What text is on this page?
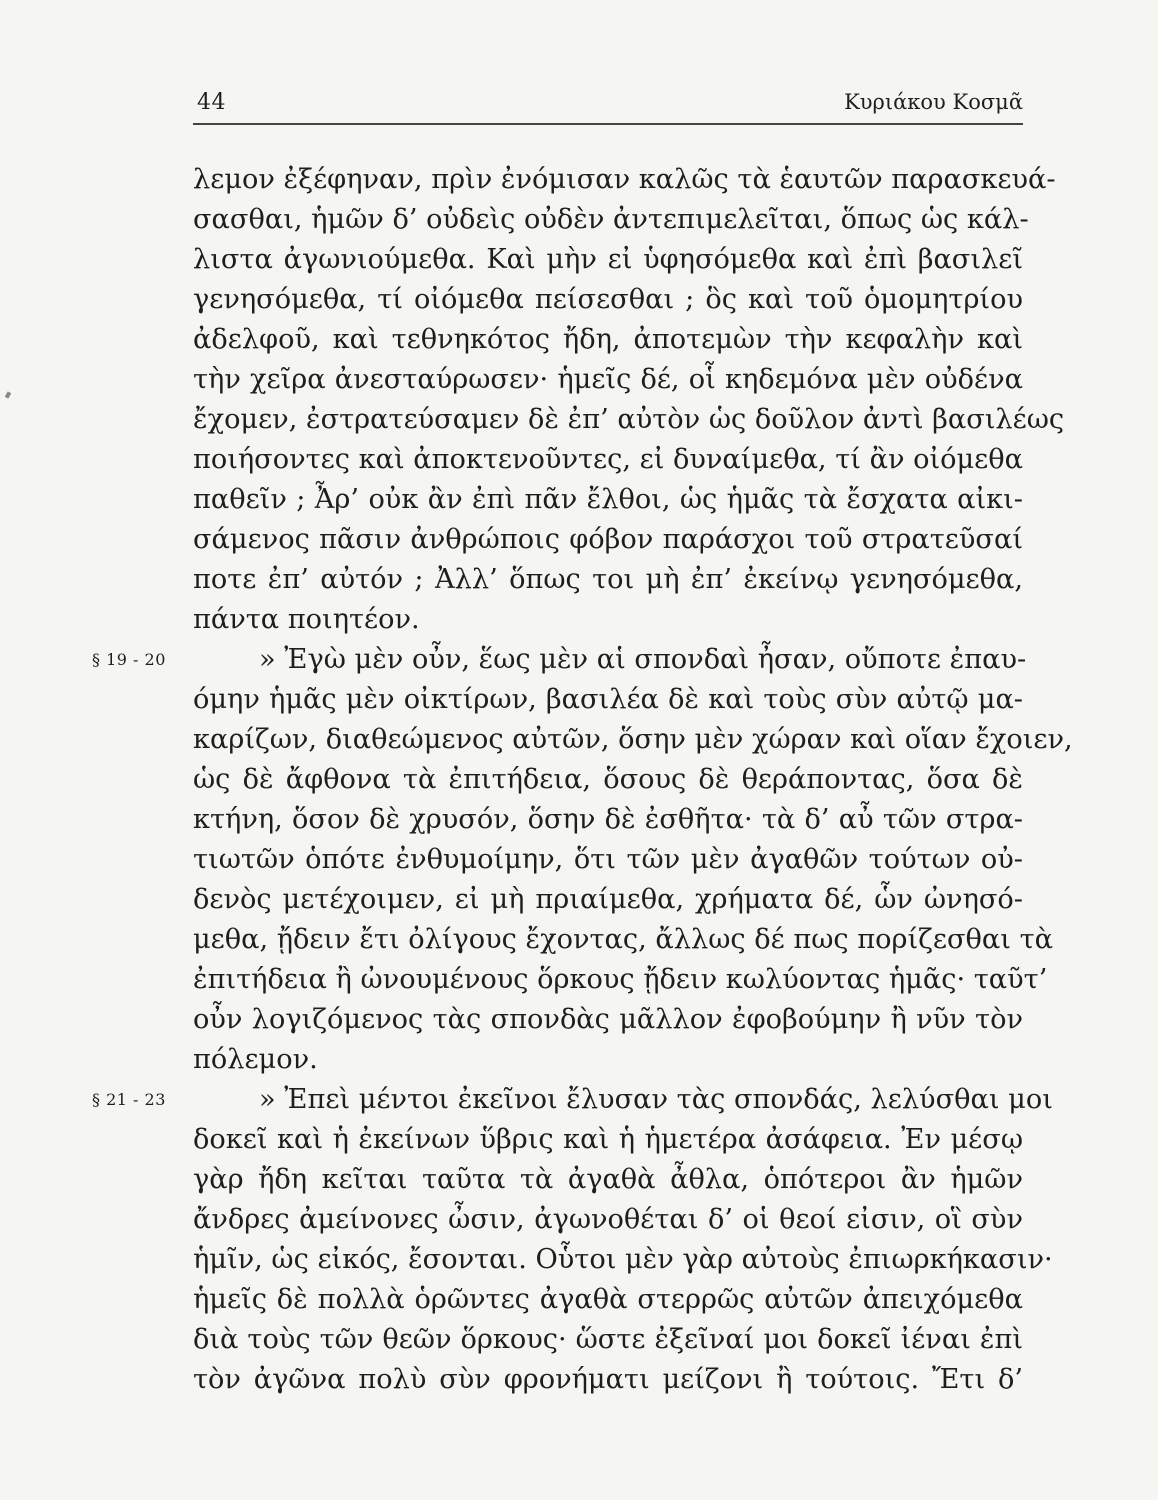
44	Κυριάκου Κοσμᾶ
§ 19 - 20
§ 21 - 23
λεμον ἐξέφηναν, πρὶν ἐνόμισαν καλῶς τὰ ἑαυτῶν παρασκευά-
σασθαι, ἡμῶν δ’ οὐδεὶς οὐδὲν ἀντεπιμελεῖται, ὅπως ὡς κάλ-
λιστα ἀγωνιούμεθα. Καὶ μὴν εἰ ὑφησόμεθα καὶ ἐπὶ βασιλεῖ
γενησόμεθα, τί οἰόμεθα πείσεσθαι ; ὃς καὶ τοῦ ὁμομητρίου
ἀδελφοῦ, καὶ τεθνηκότος ἤδη, ἀποτεμὼν τὴν κεφαλὴν καὶ
τὴν χεῖρα ἀνεσταύρωσεν· ἡμεῖς δέ, οἷ κηδεμόνα μὲν οὐδένα
ἔχομεν, ἐστρατεύσαμεν δὲ ἐπ’ αὐτὸν ὡς δοῦλον ἀντὶ βασιλέως
ποιήσοντες καὶ ἀποκτενοῦντες, εἰ δυναίμεθα, τί ἂν οἰόμεθα
παθεῖν ; Ἆρ’ οὐκ ἂν ἐπὶ πᾶν ἔλθοι, ὡς ἡμᾶς τὰ ἔσχατα αἰκι-
σάμενος πᾶσιν ἀνθρώποις φόβον παράσχοι τοῦ στρατεῦσαί
ποτε ἐπ’ αὐτόν ; Ἀλλ’ ὅπως τοι μὴ ἐπ’ ἐκείνῳ γενησόμεθα,
πάντα ποιητέον.
» Ἐγὼ μὲν οὖν, ἕως μὲν αἱ σπονδαὶ ἦσαν, οὔποτε ἐπαυ-
όμην ἡμᾶς μὲν οἰκτίρων, βασιλέα δὲ καὶ τοὺς σὺν αὐτῷ μα-
καρίζων, διαθεώμενος αὐτῶν, ὅσην μὲν χώραν καὶ οἵαν ἔχοιεν,
ὡς δὲ ἄφθονα τὰ ἐπιτήδεια, ὅσους δὲ θεράποντας, ὅσα δὲ
κτήνη, ὅσον δὲ χρυσόν, ὅσην δὲ ἐσθῆτα· τὰ δ’ αὖ τῶν στρα-
τιωτῶν ὁπότε ἐνθυμοίμην, ὅτι τῶν μὲν ἀγαθῶν τούτων οὐ-
δενὸς μετέχοιμεν, εἰ μὴ πριαίμεθα, χρήματα δέ, ὧν ὠνησό-
μεθα, ᾔδειν ἔτι ὀλίγους ἔχοντας, ἄλλως δέ πως πορίζεσθαι τὰ
ἐπιτήδεια ἢ ὠνουμένους ὅρκους ᾔδειν κωλύοντας ἡμᾶς· ταῦτ’
οὖν λογιζόμενος τὰς σπονδὰς μᾶλλον ἐφοβούμην ἢ νῦν τὸν
πόλεμον.
» Ἐπεὶ μέντοι ἐκεῖνοι ἔλυσαν τὰς σπονδάς, λελύσθαι μοι
δοκεῖ καὶ ἡ ἐκείνων ὕβρις καὶ ἡ ἡμετέρα ἀσάφεια. Ἐν μέσῳ
γὰρ ἤδη κεῖται ταῦτα τὰ ἀγαθὰ ἆθλα, ὁπότεροι ἂν ἡμῶν
ἄνδρες ἀμείνονες ὦσιν, ἀγωνοθέται δ’ οἱ θεοί εἰσιν, οἳ σὺν
ἡμῖν, ὡς εἰκός, ἔσονται. Οὗτοι μὲν γὰρ αὐτοὺς ἐπιωρκήκασιν·
ἡμεῖς δὲ πολλὰ ὁρῶντες ἀγαθὰ στερρῶς αὐτῶν ἀπειχόμεθα
διὰ τοὺς τῶν θεῶν ὅρκους· ὥστε ἐξεῖναί μοι δοκεῖ ἰέναι ἐπὶ
τὸν ἀγῶνα πολὺ σὺν φρονήματι μείζονι ἢ τούτοις. Ἔτι δ’
